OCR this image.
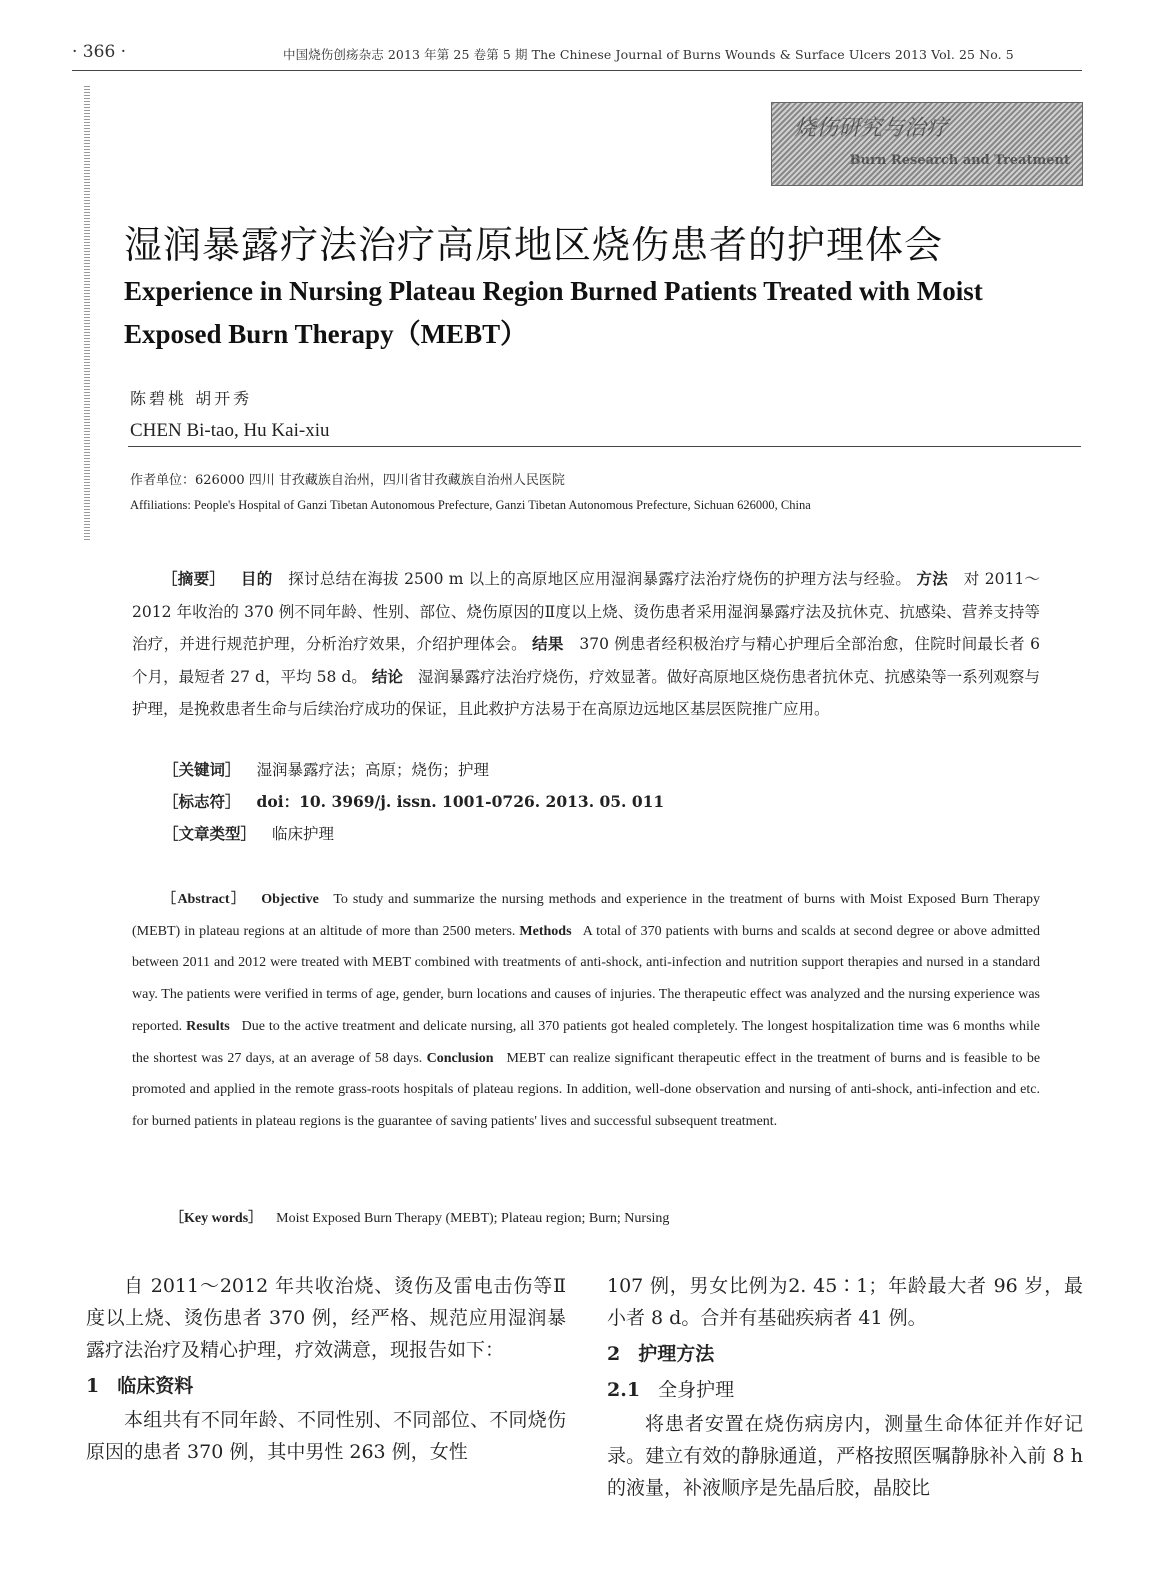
· 366 ·	中国烧伤创疡杂志 2013 年第 25 卷第 5 期 The Chinese Journal of Burns Wounds & Surface Ulcers 2013 Vol. 25 No. 5
烧伤研究与治疗
Burn Research and Treatment
湿润暴露疗法治疗高原地区烧伤患者的护理体会
Experience in Nursing Plateau Region Burned Patients Treated with Moist Exposed Burn Therapy（MEBT）
陈碧桃 胡开秀
CHEN Bi-tao, Hu Kai-xiu
作者单位：626000 四川 甘孜藏族自治州，四川省甘孜藏族自治州人民医院
Affiliations: People's Hospital of Ganzi Tibetan Autonomous Prefecture, Ganzi Tibetan Autonomous Prefecture, Sichuan 626000, China
［摘要］ 目的 探讨总结在海拔 2500 m 以上的高原地区应用湿润暴露疗法治疗烧伤的护理方法与经验。 方法 对 2011～2012 年收治的 370 例不同年龄、性别、部位、烧伤原因的Ⅱ度以上烧、烫伤患者采用湿润暴露疗法及抗休克、抗感染、营养支持等治疗，并进行规范护理，分析治疗效果，介绍护理体会。 结果 370 例患者经积极治疗与精心护理后全部治愈，住院时间最长者 6 个月，最短者 27 d，平均 58 d。 结论 湿润暴露疗法治疗烧伤，疗效显著。做好高原地区烧伤患者抗休克、抗感染等一系列观察与护理，是挽救患者生命与后续治疗成功的保证，且此救护方法易于在高原边远地区基层医院推广应用。
［关键词］ 湿润暴露疗法；高原；烧伤；护理
［标志符］ doi：10. 3969/j. issn. 1001-0726. 2013. 05. 011
［文章类型］ 临床护理
［Abstract］ Objective To study and summarize the nursing methods and experience in the treatment of burns with Moist Exposed Burn Therapy (MEBT) in plateau regions at an altitude of more than 2500 meters. Methods A total of 370 patients with burns and scalds at second degree or above admitted between 2011 and 2012 were treated with MEBT combined with treatments of anti-shock, anti-infection and nutrition support therapies and nursed in a standard way. The patients were verified in terms of age, gender, burn locations and causes of injuries. The therapeutic effect was analyzed and the nursing experience was reported. Results Due to the active treatment and delicate nursing, all 370 patients got healed completely. The longest hospitalization time was 6 months while the shortest was 27 days, at an average of 58 days. Conclusion MEBT can realize significant therapeutic effect in the treatment of burns and is feasible to be promoted and applied in the remote grass-roots hospitals of plateau regions. In addition, well-done observation and nursing of anti-shock, anti-infection and etc. for burned patients in plateau regions is the guarantee of saving patients' lives and successful subsequent treatment.
［Key words］ Moist Exposed Burn Therapy (MEBT); Plateau region; Burn; Nursing
自 2011～2012 年共收治烧、烫伤及雷电击伤等Ⅱ度以上烧、烫伤患者 370 例，经严格、规范应用湿润暴露疗法治疗及精心护理，疗效满意，现报告如下：
1 临床资料
本组共有不同年龄、不同性别、不同部位、不同烧伤原因的患者 370 例，其中男性 263 例，女性
107 例，男女比例为2. 45∶1；年龄最大者 96 岁，最小者 8 d。合并有基础疾病者 41 例。
2 护理方法
2.1 全身护理
将患者安置在烧伤病房内，测量生命体征并作好记录。建立有效的静脉通道，严格按照医嘱静脉补入前 8 h 的液量，补液顺序是先晶后胶，晶胶比
